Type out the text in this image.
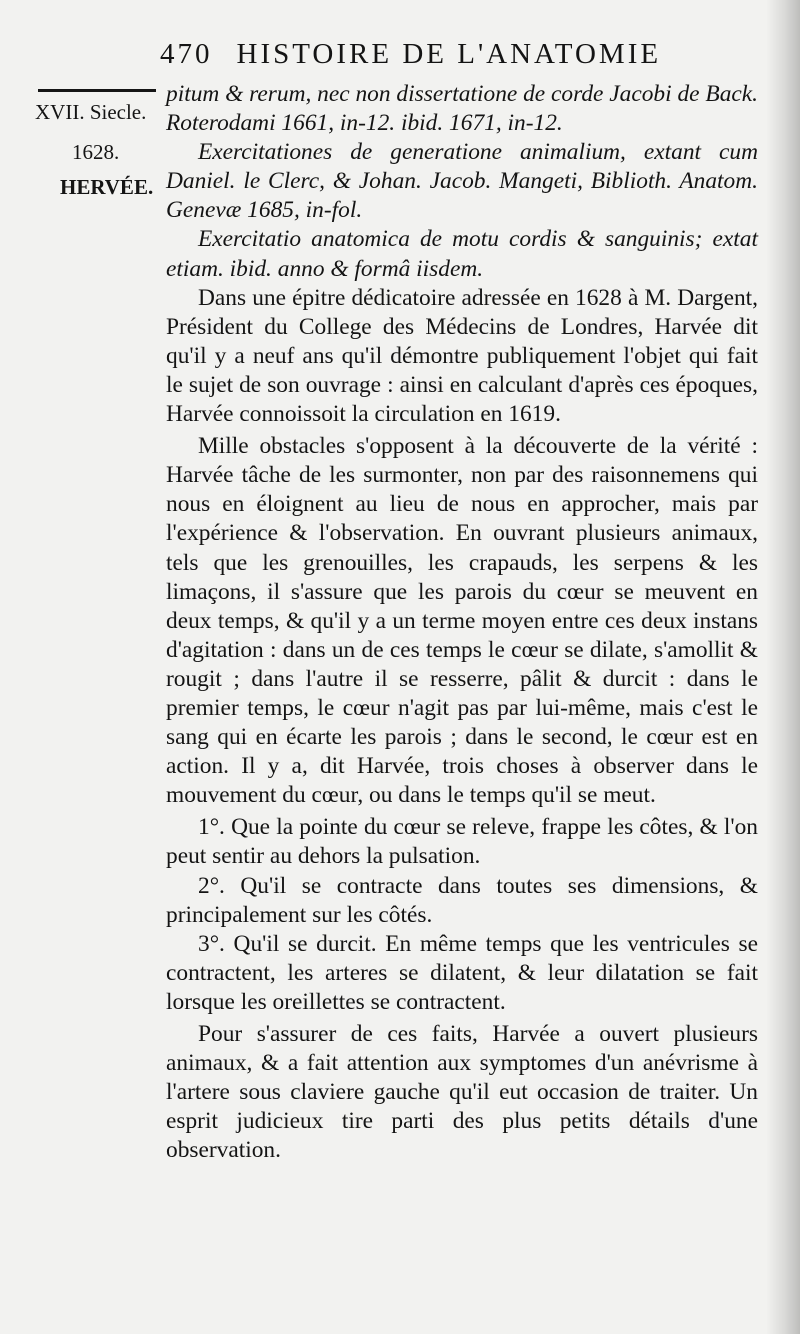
470 HISTOIRE DE L'ANATOMIE
XVII. Siecle.
1628.
HERVÉE.

pitum & rerum, nec non dissertatione de corde Jacobi de Back. Roterodami 1661, in-12. ibid. 1671, in-12.

Exercitationes de generatione animalium, extant cum Daniel. le Clerc, & Johan. Jacob. Mangeti, Biblioth. Anatom. Genevæ 1685, in-fol.

Exercitatio anatomica de motu cordis & sanguinis; extat etiam. ibid. anno & formâ iisdem.

Dans une épitre dédicatoire adressée en 1628 à M. Dargent, Président du College des Médecins de Londres, Harvée dit qu'il y a neuf ans qu'il démontre publiquement l'objet qui fait le sujet de son ouvrage : ainsi en calculant d'après ces époques, Harvée connoissoit la circulation en 1619.

Mille obstacles s'opposent à la découverte de la vérité : Harvée tâche de les surmonter, non par des raisonnemens qui nous en éloignent au lieu de nous en approcher, mais par l'expérience & l'observation. En ouvrant plusieurs animaux, tels que les grenouilles, les crapauds, les serpens & les limaçons, il s'assure que les parois du cœur se meuvent en deux temps, & qu'il y a un terme moyen entre ces deux instans d'agitation : dans un de ces temps le cœur se dilate, s'amollit & rougit ; dans l'autre il se resserre, pâlit & durcit : dans le premier temps, le cœur n'agit pas par lui-même, mais c'est le sang qui en écarte les parois ; dans le second, le cœur est en action. Il y a, dit Harvée, trois choses à observer dans le mouvement du cœur, ou dans le temps qu'il se meut.

1°. Que la pointe du cœur se releve, frappe les côtes, & l'on peut sentir au dehors la pulsation.

2°. Qu'il se contracte dans toutes ses dimensions, & principalement sur les côtés.

3°. Qu'il se durcit. En même temps que les ventricules se contractent, les arteres se dilatent, & leur dilatation se fait lorsque les oreillettes se contractent.

Pour s'assurer de ces faits, Harvée a ouvert plusieurs animaux, & a fait attention aux symptomes d'un anévrisme à l'artere sous claviere gauche qu'il eut occasion de traiter. Un esprit judicieux tire parti des plus petits détails d'une observation.
